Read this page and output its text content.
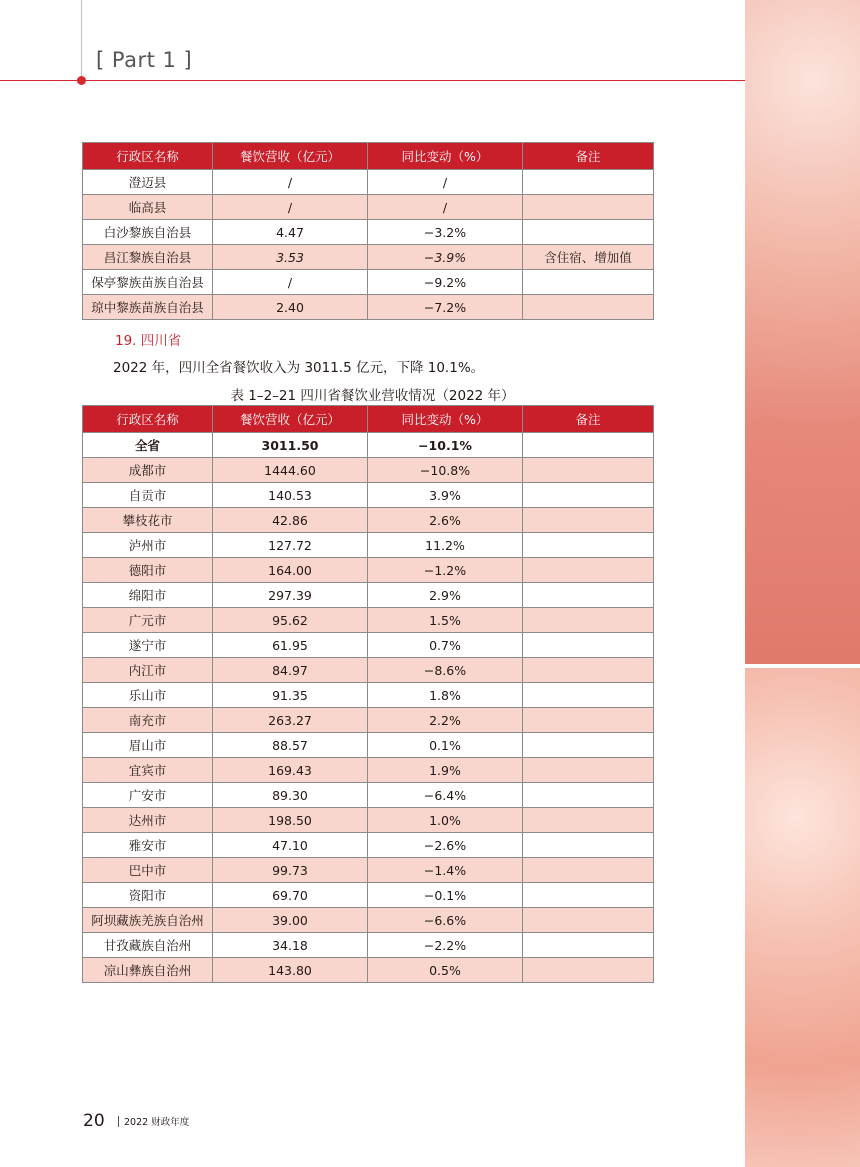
[ Part 1 ]
行政区名称	餐饮营收（亿元）	同比变动（%）	备注
澄迈县	/	/	
临高县	/	/	
白沙黎族自治县	4.47	−3.2%	
昌江黎族自治县	3.53	−3.9%	含住宿、增加值
保亭黎族苗族自治县	/	−9.2%	
琼中黎族苗族自治县	2.40	−7.2%	
19. 四川省
2022 年，四川全省餐饮收入为 3011.5 亿元，下降 10.1%。
表 1–2–21 四川省餐饮业营收情况（2022 年）
行政区名称	餐饮营收（亿元）	同比变动（%）	备注
全省	3011.50	−10.1%	
成都市	1444.60	−10.8%	
自贡市	140.53	3.9%	
攀枝花市	42.86	2.6%	
泸州市	127.72	11.2%	
德阳市	164.00	−1.2%	
绵阳市	297.39	2.9%	
广元市	95.62	1.5%	
遂宁市	61.95	0.7%	
内江市	84.97	−8.6%	
乐山市	91.35	1.8%	
南充市	263.27	2.2%	
眉山市	88.57	0.1%	
宜宾市	169.43	1.9%	
广安市	89.30	−6.4%	
达州市	198.50	1.0%	
雅安市	47.10	−2.6%	
巴中市	99.73	−1.4%	
资阳市	69.70	−0.1%	
阿坝藏族羌族自治州	39.00	−6.6%	
甘孜藏族自治州	34.18	−2.2%	
凉山彝族自治州	143.80	0.5%	
20 2022 财政年度
